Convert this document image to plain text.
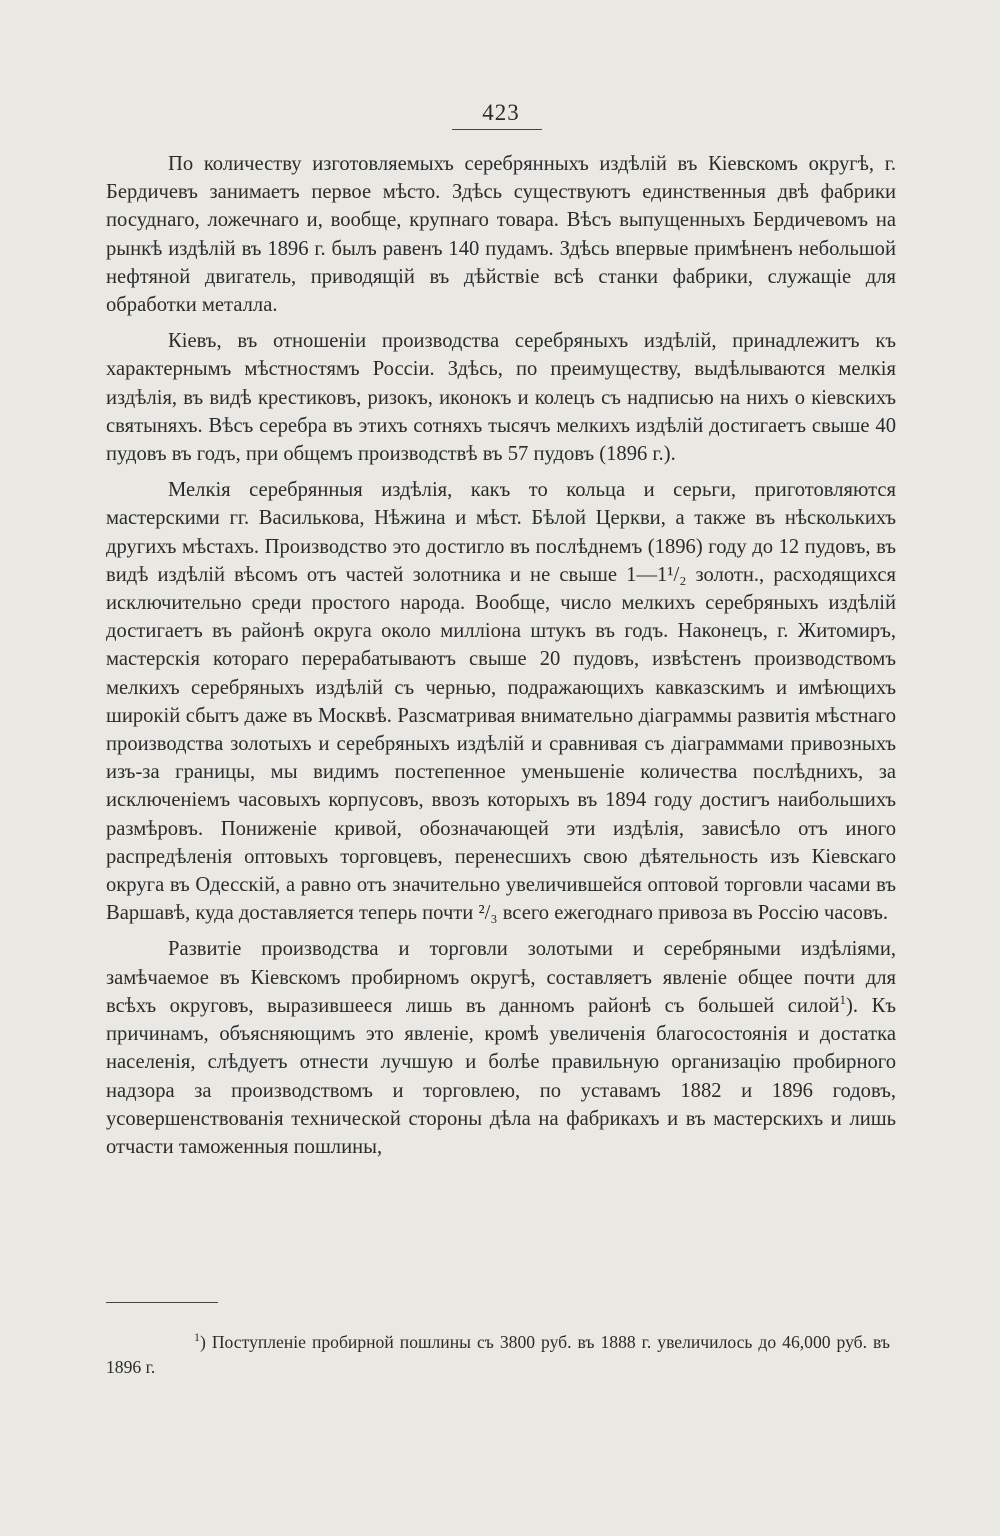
423

По количеству изготовляемыхъ серебрянныхъ издѣлій въ Кіевскомъ округѣ, г. Бердичевъ занимаетъ первое мѣсто. Здѣсь существуютъ единственныя двѣ фабрики посуднаго, ложечнаго и, вообще, крупнаго товара. Вѣсъ выпущенныхъ Бердичевомъ на рынкѣ издѣлій въ 1896 г. былъ равенъ 140 пудамъ. Здѣсь впервые примѣненъ небольшой нефтяной двигатель, приводящій въ дѣйствіе всѣ станки фабрики, служащіе для обработки металла.

Кіевъ, въ отношеніи производства серебряныхъ издѣлій, принадлежитъ къ характернымъ мѣстностямъ Россіи. Здѣсь, по преимуществу, выдѣлываются мелкія издѣлія, въ видѣ крестиковъ, ризокъ, иконокъ и колецъ съ надписью на нихъ о кіевскихъ святыняхъ. Вѣсъ серебра въ этихъ сотняхъ тысячъ мелкихъ издѣлій достигаетъ свыше 40 пудовъ въ годъ, при общемъ производствѣ въ 57 пудовъ (1896 г.).

Мелкія серебрянныя издѣлія, какъ то кольца и серьги, приготовляются мастерскими гг. Василькова, Нѣжина и мѣст. Бѣлой Церкви, а также въ нѣсколькихъ другихъ мѣстахъ. Производство это достигло въ послѣднемъ (1896) году до 12 пудовъ, въ видѣ издѣлій вѣсомъ отъ частей золотника и не свыше 1—1¹/₂ золотн., расходящихся исключительно среди простого народа. Вообще, число мелкихъ серебряныхъ издѣлій достигаетъ въ районѣ округа около милліона штукъ въ годъ. Наконецъ, г. Житомиръ, мастерскія котораго перерабатываютъ свыше 20 пудовъ, извѣстенъ производствомъ мелкихъ серебряныхъ издѣлій съ чернью, подражающихъ кавказскимъ и имѣющихъ широкій сбытъ даже въ Москвѣ. Разсматривая внимательно діаграммы развитія мѣстнаго производства золотыхъ и серебряныхъ издѣлій и сравнивая съ діаграммами привозныхъ изъ-за границы, мы видимъ постепенное уменьшеніе количества послѣднихъ, за исключеніемъ часовыхъ корпусовъ, ввозъ которыхъ въ 1894 году достигъ наибольшихъ размѣровъ. Пониженіе кривой, обозначающей эти издѣлія, зависѣло отъ иного распредѣленія оптовыхъ торговцевъ, перенесшихъ свою дѣятельность изъ Кіевскаго округа въ Одесскій, а равно отъ значительно увеличившейся оптовой торговли часами въ Варшавѣ, куда доставляется теперь почти ²/₃ всего ежегоднаго привоза въ Россію часовъ.

Развитіе производства и торговли золотыми и серебряными издѣліями, замѣчаемое въ Кіевскомъ пробирномъ округѣ, составляетъ явленіе общее почти для всѣхъ округовъ, выразившееся лишь въ данномъ районѣ съ большей силой$^1$). Къ причинамъ, объясняющимъ это явленіе, кромѣ увеличенія благосостоянія и достатка населенія, слѣдуетъ отнести лучшую и болѣе правильную организацію пробирного надзора за производствомъ и торговлею, по уставамъ 1882 и 1896 годовъ, усовершенствованія технической стороны дѣла на фабрикахъ и въ мастерскихъ и лишь отчасти таможенныя пошлины,

$^1$) Поступленіе пробирной пошлины съ 3800 руб. въ 1888 г. увеличилось до 46,000 руб. въ 1896 г.
